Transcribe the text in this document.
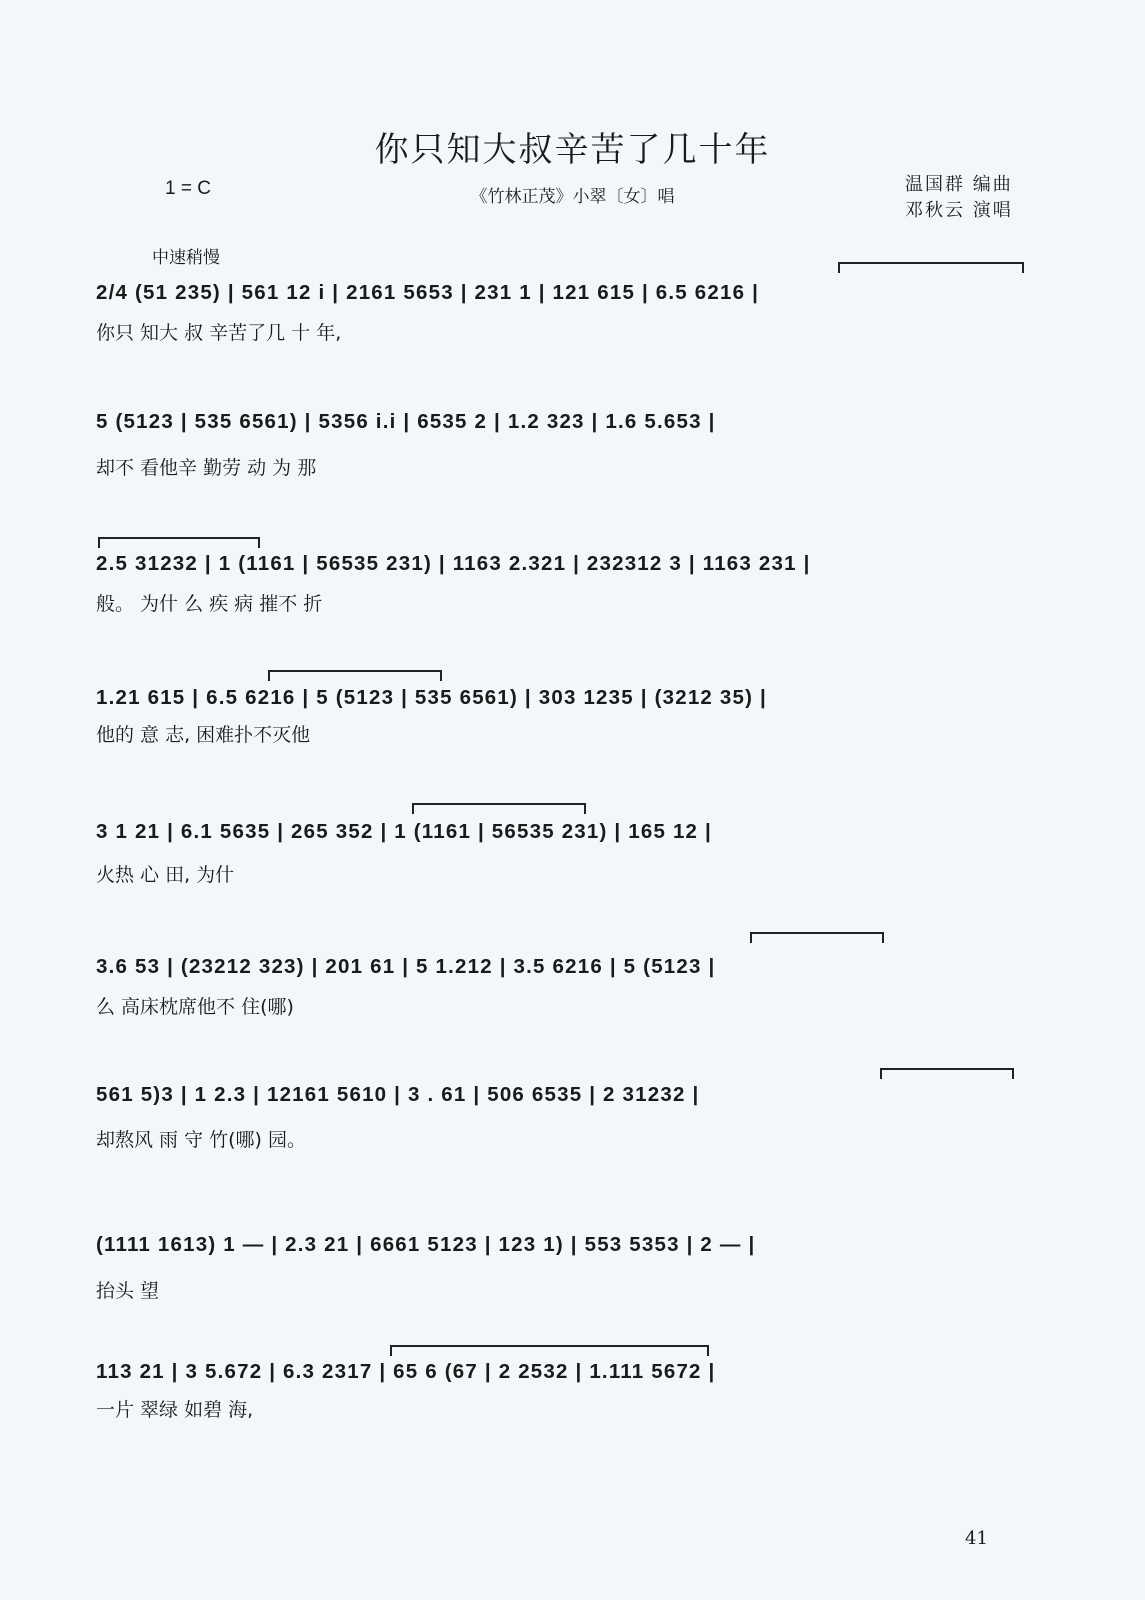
你只知大叔辛苦了几十年
1 = C	《竹林正茂》小翠〔女〕唱
温国群 编曲
邓秋云 演唱
中速稍慢
2/4 (51 235) | 561 12 i | 2161 5653 | 231 1 | 121 615 | 6.5 6216 |
你只 知大 叔 辛苦了几 十 年,
5 (5123 | 535 6561) | 5356 i.i | 6535 2 | 1.2 323 | 1.6 5.653 |
却不 看他辛 勤劳 动 为 那
2.5 31232 | 1 (1161 | 56535 231) | 1163 2.321 | 232312 3 | 1163 231 |
般。 为什 么 疾 病 摧不 折
1.21 615 | 6.5 6216 | 5 (5123 | 535 6561) | 303 1235 | (3212 35) |
他的 意 志, 困难扑不灭他
3 1 21 | 6.1 5635 | 265 352 | 1 (1161 | 56535 231) | 165 12 |
火热 心 田, 为什
3.6 53 | (23212 323) | 201 61 | 5 1.212 | 3.5 6216 | 5 (5123 |
么 高床枕席他不 住(哪)
561 5)3 | 1 2.3 | 12161 5610 | 3 . 61 | 506 6535 | 2 31232 |
却熬风 雨 守 竹(哪) 园。
(1111 1613) 1 — | 2.3 21 | 6661 5123 | 123 1) | 553 5353 | 2 — |
抬头 望
113 21 | 3 5.672 | 6.3 2317 | 65 6 (67 | 2 2532 | 1.111 5672 |
一片 翠绿 如碧 海,
41
